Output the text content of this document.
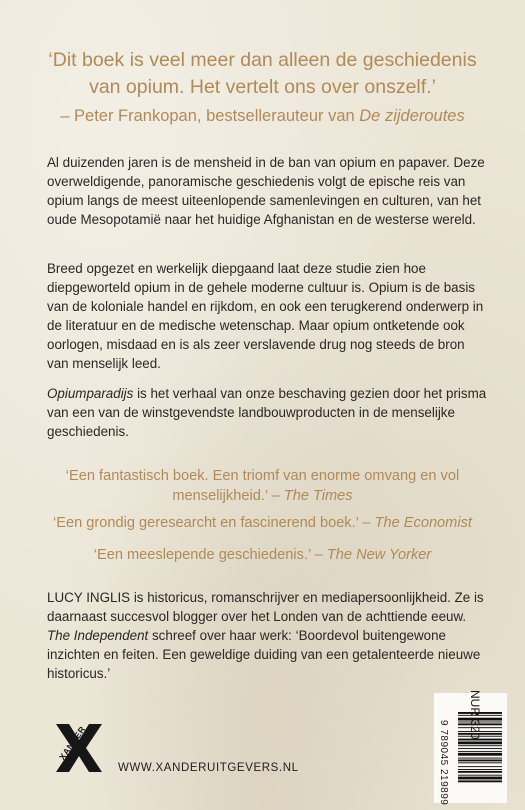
‘Dit boek is veel meer dan alleen de geschiedenis van opium. Het vertelt ons over onszelf.’
– Peter Frankopan, bestsellerauteur van De zijderoutes
Al duizenden jaren is de mensheid in de ban van opium en papaver. Deze overweldigende, panoramische geschiedenis volgt de epische reis van opium langs de meest uiteenlopende samenlevingen en culturen, van het oude Mesopotamië naar het huidige Afghanistan en de westerse wereld.
Breed opgezet en werkelijk diepgaand laat deze studie zien hoe diepgeworteld opium in de gehele moderne cultuur is. Opium is de basis van de koloniale handel en rijkdom, en ook een terugkerend onderwerp in de literatuur en de medische wetenschap. Maar opium ontketende ook oorlogen, misdaad en is als zeer verslavende drug nog steeds de bron van menselijk leed.
Opiumparadijs is het verhaal van onze beschaving gezien door het prisma van een van de winstgevendste landbouwproducten in de menselijke geschiedenis.
‘Een fantastisch boek. Een triomf van enorme omvang en vol menselijkheid.’ – The Times
‘Een grondig geresearcht en fascinerend boek.’ – The Economist
‘Een meeslepende geschiedenis.’ – The New Yorker
LUCY INGLIS is historicus, romanschrijver en mediapersoonlijkheid. Ze is daarnaast succesvol blogger over het Londen van de achttiende eeuw. The Independent schreef over haar werk: ‘Boordevol buitengewone inzichten en feiten. Een geweldige duiding van een getalenteerde nieuwe historicus.’
XANDER
WWW.XANDERUITGEVERS.NL
NUR 320
9 789045 219899
